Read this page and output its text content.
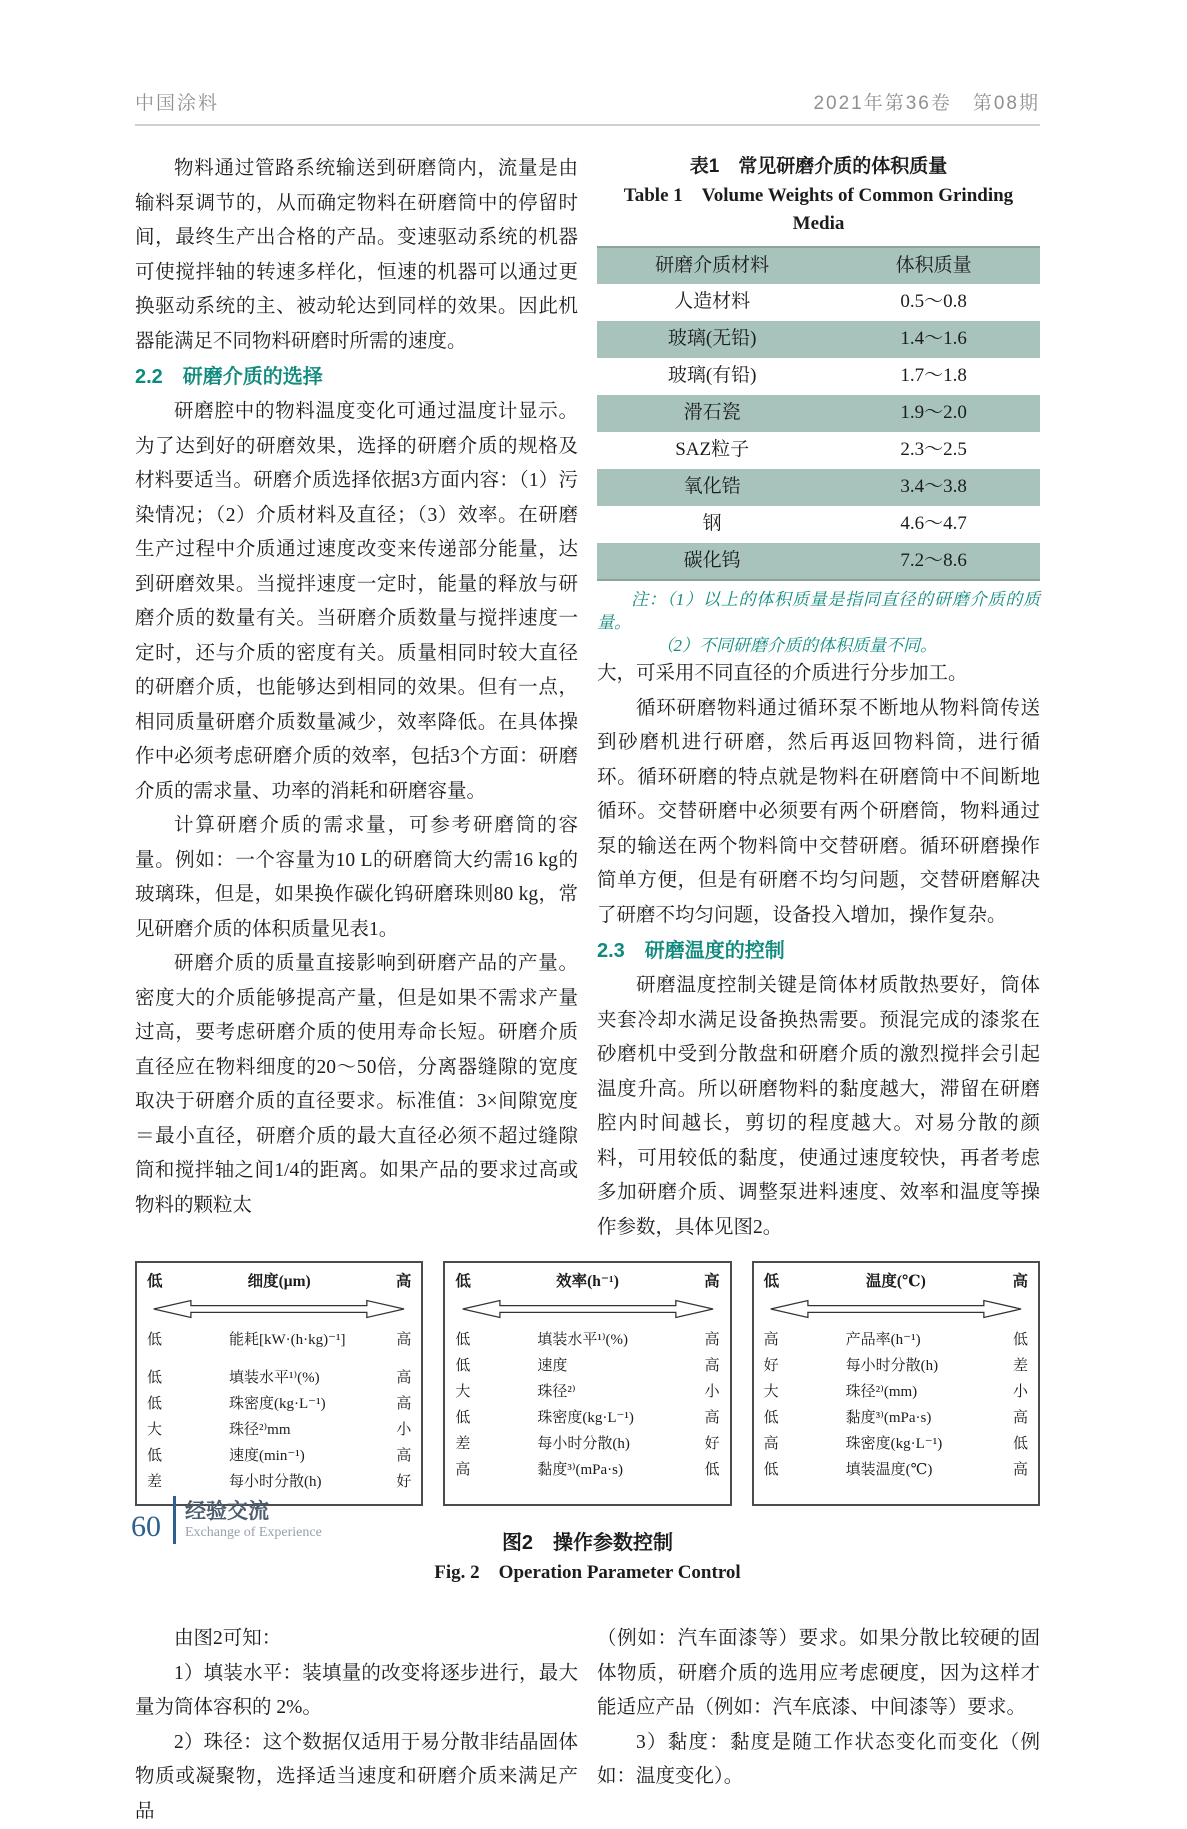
中国涂料	2021年第36卷　第08期

物料通过管路系统输送到研磨筒内，流量是由输料泵调节的，从而确定物料在研磨筒中的停留时间，最终生产出合格的产品。变速驱动系统的机器可使搅拌轴的转速多样化，恒速的机器可以通过更换驱动系统的主、被动轮达到同样的效果。因此机器能满足不同物料研磨时所需的速度。

2.2　研磨介质的选择

研磨腔中的物料温度变化可通过温度计显示。为了达到好的研磨效果，选择的研磨介质的规格及材料要适当。研磨介质选择依据3方面内容：（1）污染情况；（2）介质材料及直径；（3）效率。在研磨生产过程中介质通过速度改变来传递部分能量，达到研磨效果。当搅拌速度一定时，能量的释放与研磨介质的数量有关。当研磨介质数量与搅拌速度一定时，还与介质的密度有关。质量相同时较大直径的研磨介质，也能够达到相同的效果。但有一点，相同质量研磨介质数量减少，效率降低。在具体操作中必须考虑研磨介质的效率，包括3个方面：研磨介质的需求量、功率的消耗和研磨容量。

计算研磨介质的需求量，可参考研磨筒的容量。例如：一个容量为10 L的研磨筒大约需16 kg的玻璃珠，但是，如果换作碳化钨研磨珠则80 kg，常见研磨介质的体积质量见表1。

研磨介质的质量直接影响到研磨产品的产量。密度大的介质能够提高产量，但是如果不需求产量过高，要考虑研磨介质的使用寿命长短。研磨介质直径应在物料细度的20～50倍，分离器缝隙的宽度取决于研磨介质的直径要求。标准值：3×间隙宽度＝最小直径，研磨介质的最大直径必须不超过缝隙筒和搅拌轴之间1/4的距离。如果产品的要求过高或物料的颗粒太

表1　常见研磨介质的体积质量
Table 1　Volume Weights of Common Grinding Media
研磨介质材料	体积质量
人造材料	0.5～0.8
玻璃(无铅)	1.4～1.6
玻璃(有铅)	1.7～1.8
滑石瓷	1.9～2.0
SAZ粒子	2.3～2.5
氧化锆	3.4～3.8
钢	4.6～4.7
碳化钨	7.2～8.6

注：（1）以上的体积质量是指同直径的研磨介质的质量。

（2）不同研磨介质的体积质量不同。

大，可采用不同直径的介质进行分步加工。

循环研磨物料通过循环泵不断地从物料筒传送到砂磨机进行研磨，然后再返回物料筒，进行循环。循环研磨的特点就是物料在研磨筒中不间断地循环。交替研磨中必须要有两个研磨筒，物料通过泵的输送在两个物料筒中交替研磨。循环研磨操作简单方便，但是有研磨不均匀问题，交替研磨解决了研磨不均匀问题，设备投入增加，操作复杂。

2.3　研磨温度的控制

研磨温度控制关键是筒体材质散热要好，筒体夹套冷却水满足设备换热需要。预混完成的漆浆在砂磨机中受到分散盘和研磨介质的激烈搅拌会引起温度升高。所以研磨物料的黏度越大，滞留在研磨腔内时间越长，剪切的程度越大。对易分散的颜料，可用较低的黏度，使通过速度较快，再者考虑多加研磨介质、调整泵进料速度、效率和温度等操作参数，具体见图2。

低	细度(μm)	高
低	能耗[kW·(h·kg)⁻¹]	高
低	填装水平¹⁾(%)	高
低	珠密度(kg·L⁻¹)	高
大	珠径²⁾mm	小
低	速度(min⁻¹)	高
差	每小时分散(h)	好
低	效率(h⁻¹)	高
低	填装水平¹⁾(%)	高
低	速度	高
大	珠径²⁾	小
低	珠密度(kg·L⁻¹)	高
差	每小时分散(h)	好
高	黏度³⁾(mPa·s)	低
低	温度(℃)	高
高	产品率(h⁻¹)	低
好	每小时分散(h)	差
大	珠径²⁾(mm)	小
低	黏度³⁾(mPa·s)	高
高	珠密度(kg·L⁻¹)	低
低	填装温度(℃)	高
图2　操作参数控制
Fig. 2　Operation Parameter Control

由图2可知：

1）填装水平：装填量的改变将逐步进行，最大量为筒体容积的 2%。

2）珠径：这个数据仅适用于易分散非结晶固体物质或凝聚物，选择适当速度和研磨介质来满足产品

（例如：汽车面漆等）要求。如果分散比较硬的固体物质，研磨介质的选用应考虑硬度，因为这样才能适应产品（例如：汽车底漆、中间漆等）要求。

3）黏度：黏度是随工作状态变化而变化（例如：温度变化）。

60 经验交流
Exchange of Experience
